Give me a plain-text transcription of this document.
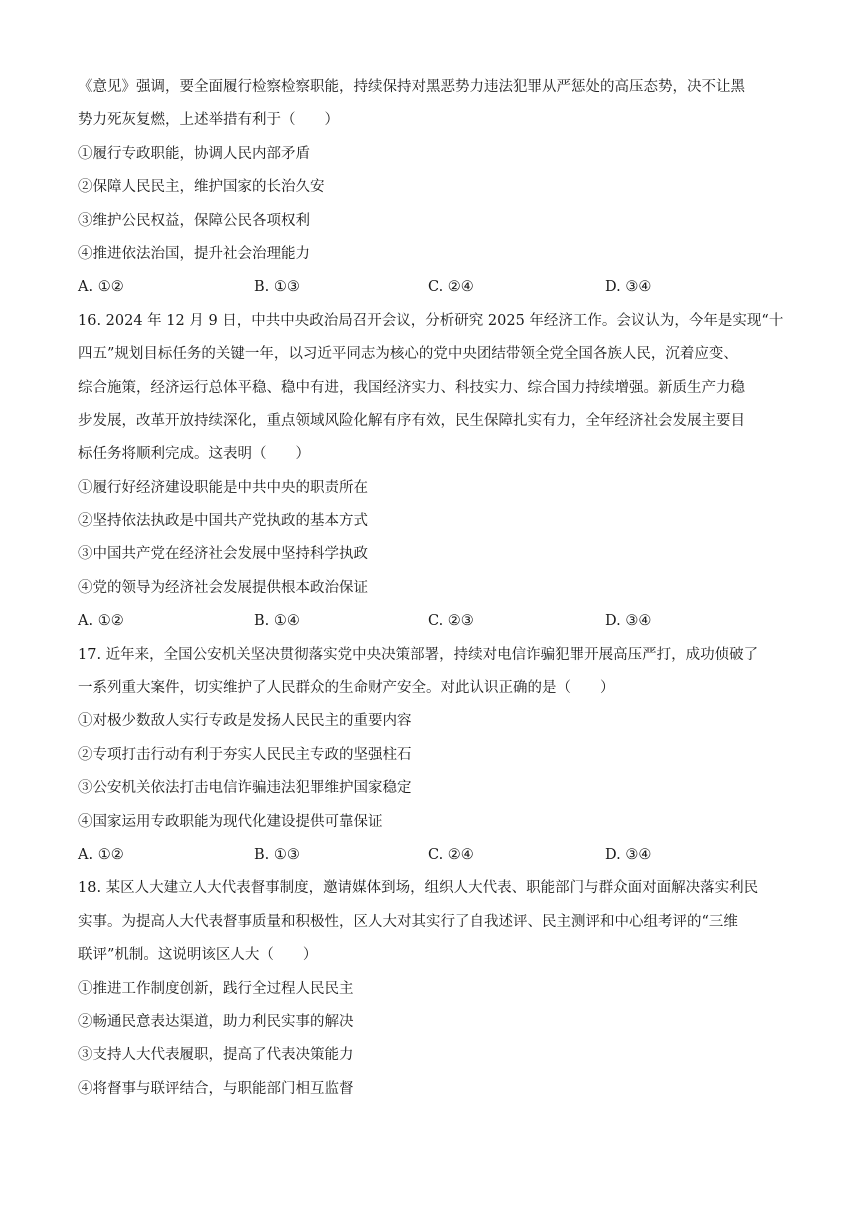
《意见》强调，要全面履行检察检察职能，持续保持对黑恶势力违法犯罪从严惩处的高压态势，决不让黑
势力死灰复燃，上述举措有利于（　　）
①履行专政职能，协调人民内部矛盾
②保障人民民主，维护国家的长治久安
③维护公民权益，保障公民各项权利
④推进依法治国，提升社会治理能力
A. ①②	B. ①③	C. ②④	D. ③④
16. 2024 年 12 月 9 日，中共中央政治局召开会议，分析研究 2025 年经济工作。会议认为，今年是实现“十
四五”规划目标任务的关键一年，以习近平同志为核心的党中央团结带领全党全国各族人民，沉着应变、
综合施策，经济运行总体平稳、稳中有进，我国经济实力、科技实力、综合国力持续增强。新质生产力稳
步发展，改革开放持续深化，重点领域风险化解有序有效，民生保障扎实有力，全年经济社会发展主要目
标任务将顺利完成。这表明（　　）
①履行好经济建设职能是中共中央的职责所在
②坚持依法执政是中国共产党执政的基本方式
③中国共产党在经济社会发展中坚持科学执政
④党的领导为经济社会发展提供根本政治保证
A. ①②	B. ①④	C. ②③	D. ③④
17. 近年来，全国公安机关坚决贯彻落实党中央决策部署，持续对电信诈骗犯罪开展高压严打，成功侦破了
一系列重大案件，切实维护了人民群众的生命财产安全。对此认识正确的是（　　）
①对极少数敌人实行专政是发扬人民民主的重要内容
②专项打击行动有利于夯实人民民主专政的坚强柱石
③公安机关依法打击电信诈骗违法犯罪维护国家稳定
④国家运用专政职能为现代化建设提供可靠保证
A. ①②	B. ①③	C. ②④	D. ③④
18. 某区人大建立人大代表督事制度，邀请媒体到场，组织人大代表、职能部门与群众面对面解决落实利民
实事。为提高人大代表督事质量和积极性，区人大对其实行了自我述评、民主测评和中心组考评的“三维
联评”机制。这说明该区人大（　　）
①推进工作制度创新，践行全过程人民民主
②畅通民意表达渠道，助力利民实事的解决
③支持人大代表履职，提高了代表决策能力
④将督事与联评结合，与职能部门相互监督
